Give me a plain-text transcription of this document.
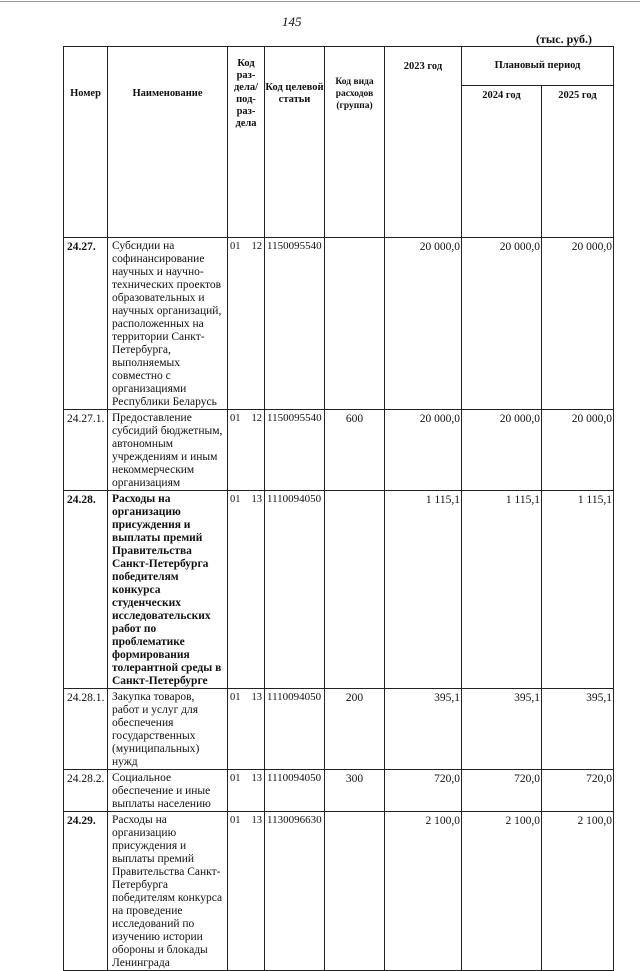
145
(тыс. руб.)
Номер	Наименование	Код раз-дела/ под-раз-дела	Код целевой статьи	Код вида расходов (группа)	2023 год	Плановый период	
						2024 год	2025 год

24.27.	Субсидии на софинансирование научных и научно-технических проектов образовательных и научных организаций, расположенных на территории Санкт-Петербурга, выполняемых совместно с организациями Республики Беларусь	01 12	1150095540		20 000,0	20 000,0	20 000,0
24.27.1.	Предоставление субсидий бюджетным, автономным учреждениям и иным некоммерческим организациям	01 12	1150095540	600	20 000,0	20 000,0	20 000,0
24.28.	Расходы на организацию присуждения и выплаты премий Правительства Санкт-Петербурга победителям конкурса студенческих исследовательских работ по проблематике формирования толерантной среды в Санкт-Петербурге	01 13	1110094050		1 115,1	1 115,1	1 115,1
24.28.1.	Закупка товаров, работ и услуг для обеспечения государственных (муниципальных) нужд	01 13	1110094050	200	395,1	395,1	395,1
24.28.2.	Социальное обеспечение и иные выплаты населению	01 13	1110094050	300	720,0	720,0	720,0
24.29.	Расходы на организацию присуждения и выплаты премий Правительства Санкт-Петербурга победителям конкурса на проведение исследований по изучению истории обороны и блокады Ленинграда	01 13	1130096630		2 100,0	2 100,0	2 100,0
